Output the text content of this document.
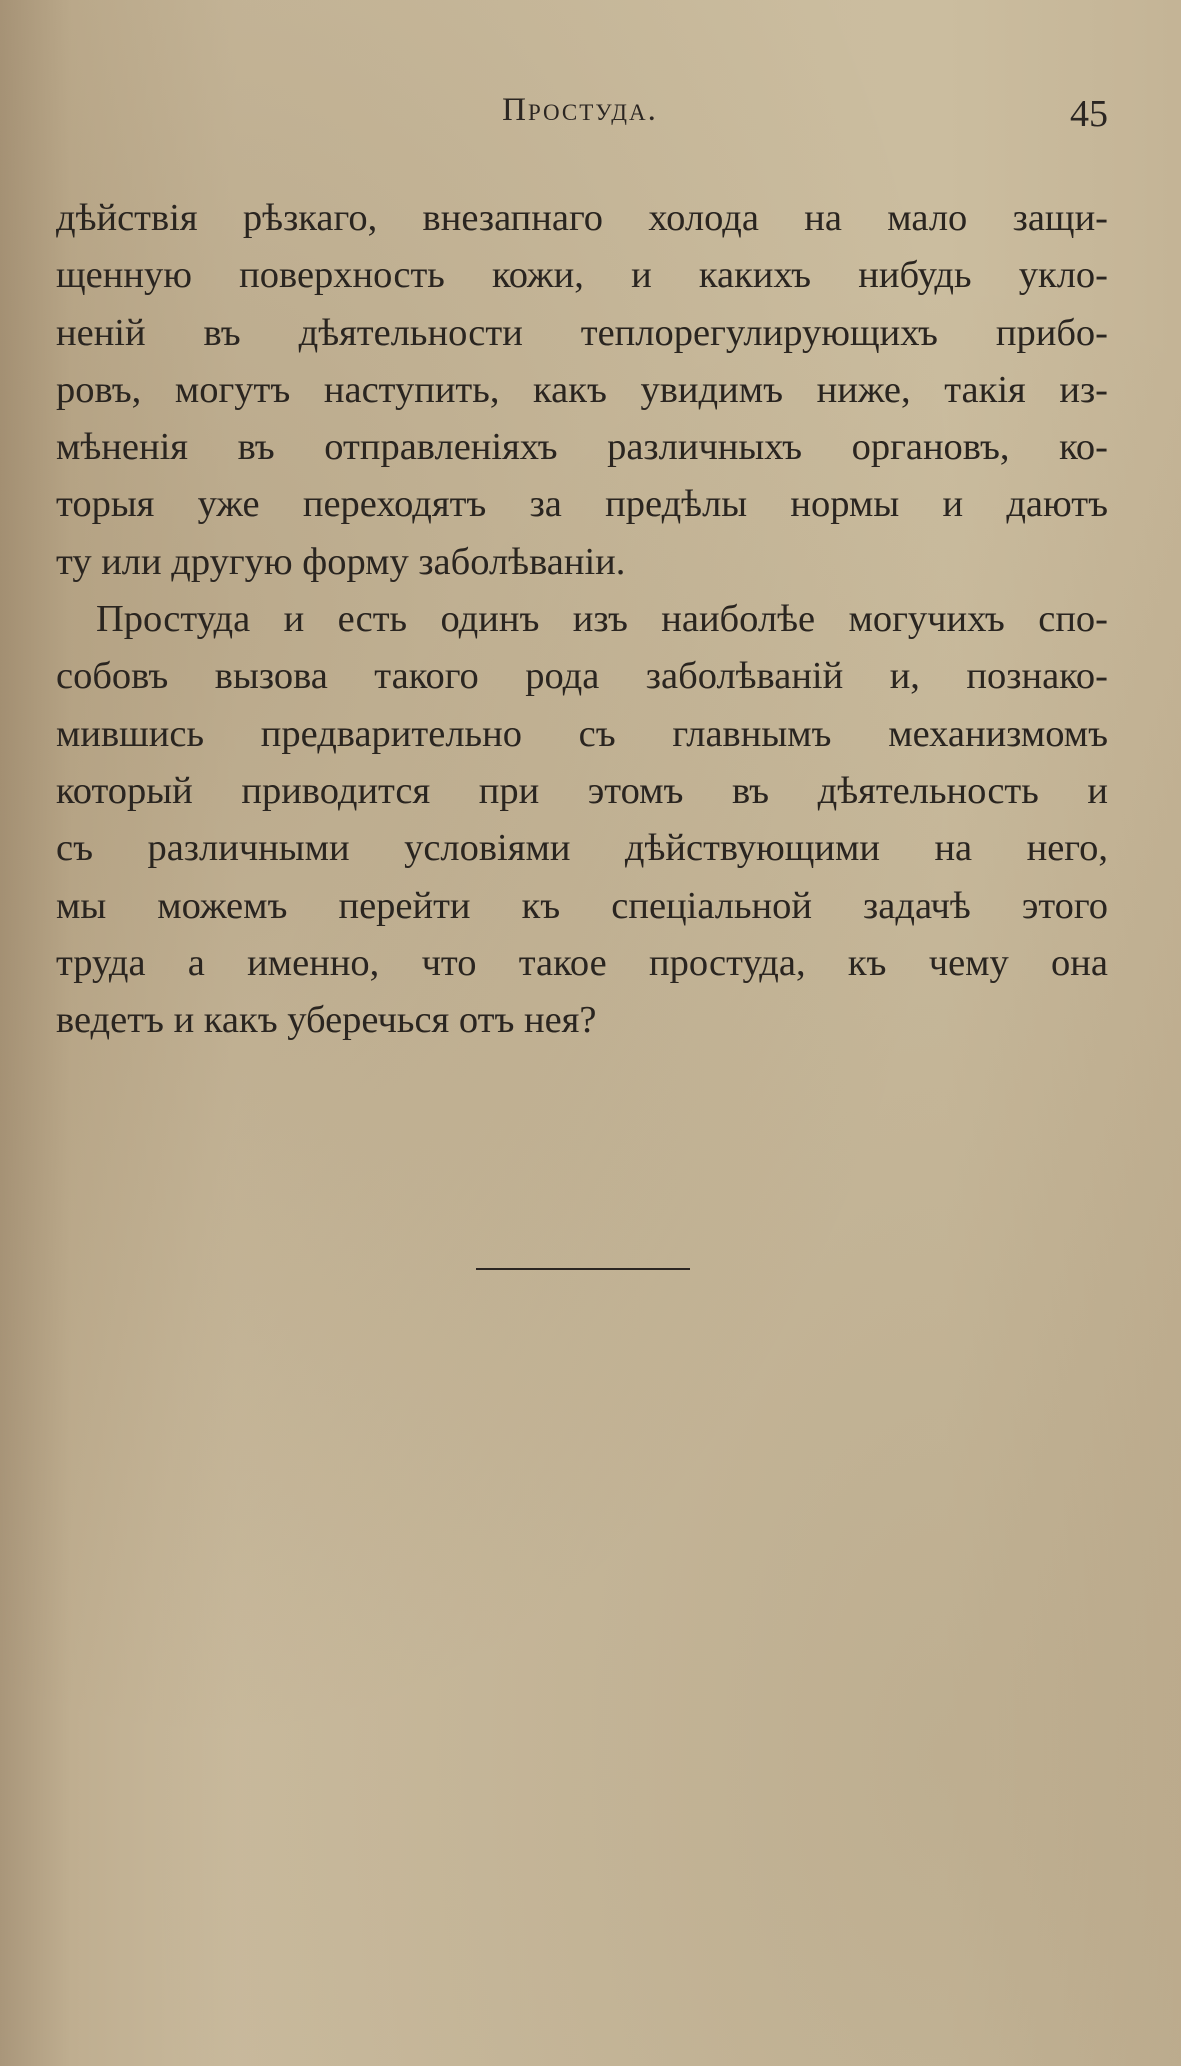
Простуда.	45
дѣйствія рѣзкаго, внезапнаго холода на мало защи-
щенную поверхность кожи, и какихъ нибудь укло-
неній въ дѣятельности теплорегулирующихъ прибо-
ровъ, могутъ наступить, какъ увидимъ ниже, такія из-
мѣненія въ отправленіяхъ различныхъ органовъ, ко-
торыя уже переходятъ за предѣлы нормы и даютъ
ту или другую форму заболѣваніи.
Простуда и есть одинъ изъ наиболѣе могучихъ спо-
собовъ вызова такого рода заболѣваній и, познако-
мившись предварительно съ главнымъ механизмомъ
который приводится при этомъ въ дѣятельность и
съ различными условіями дѣйствующими на него,
мы можемъ перейти къ спеціальной задачѣ этого
труда а именно, что такое простуда, къ чему она
ведетъ и какъ уберечься отъ нея?
